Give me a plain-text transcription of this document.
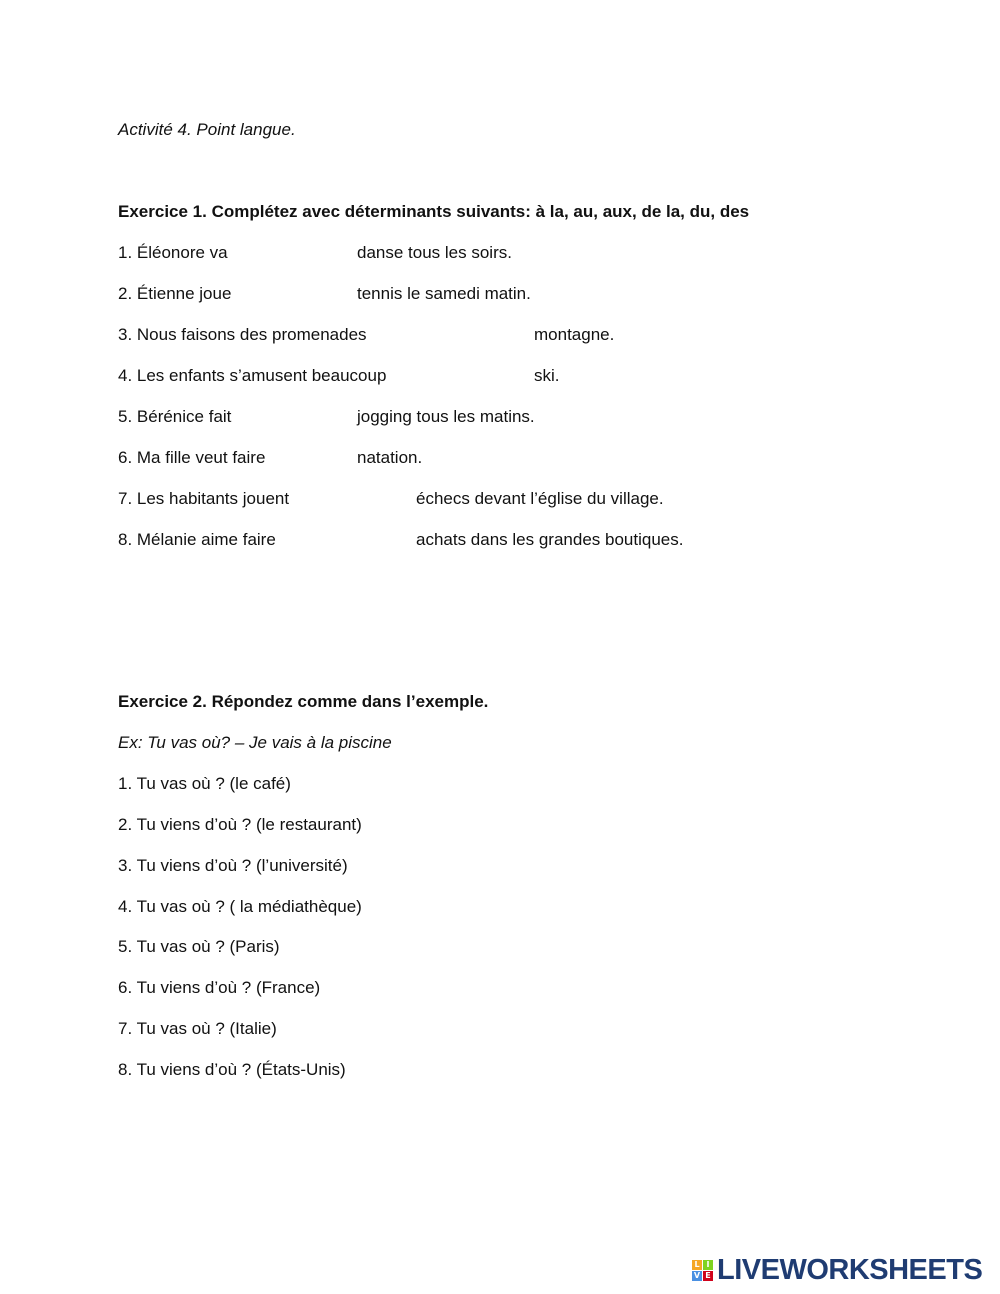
Activité 4. Point langue.
Exercice 1. Complétez avec déterminants suivants: à la, au, aux, de la, du, des
1. Éléonore va	danse tous les soirs.
2. Étienne joue	tennis le samedi matin.
3. Nous faisons des promenades	montagne.
4. Les enfants s’amusent beaucoup	ski.
5. Bérénice fait	jogging tous les matins.
6. Ma fille veut faire	natation.
7. Les habitants jouent	échecs devant l’église du village.
8. Mélanie aime faire	achats dans les grandes boutiques.
Exercice 2. Répondez comme dans l’exemple.
Ex: Tu vas où? – Je vais à la piscine
1. Tu vas où ? (le café)
2. Tu viens d’où ? (le restaurant)
3. Tu viens d’où ? (l’université)
4. Tu vas où ? ( la médiathèque)
5. Tu vas où ? (Paris)
6. Tu viens d’où ? (France)
7. Tu vas où ? (Italie)
8. Tu viens d’où ? (États-Unis)
L I
V E LIVEWORKSHEETS
